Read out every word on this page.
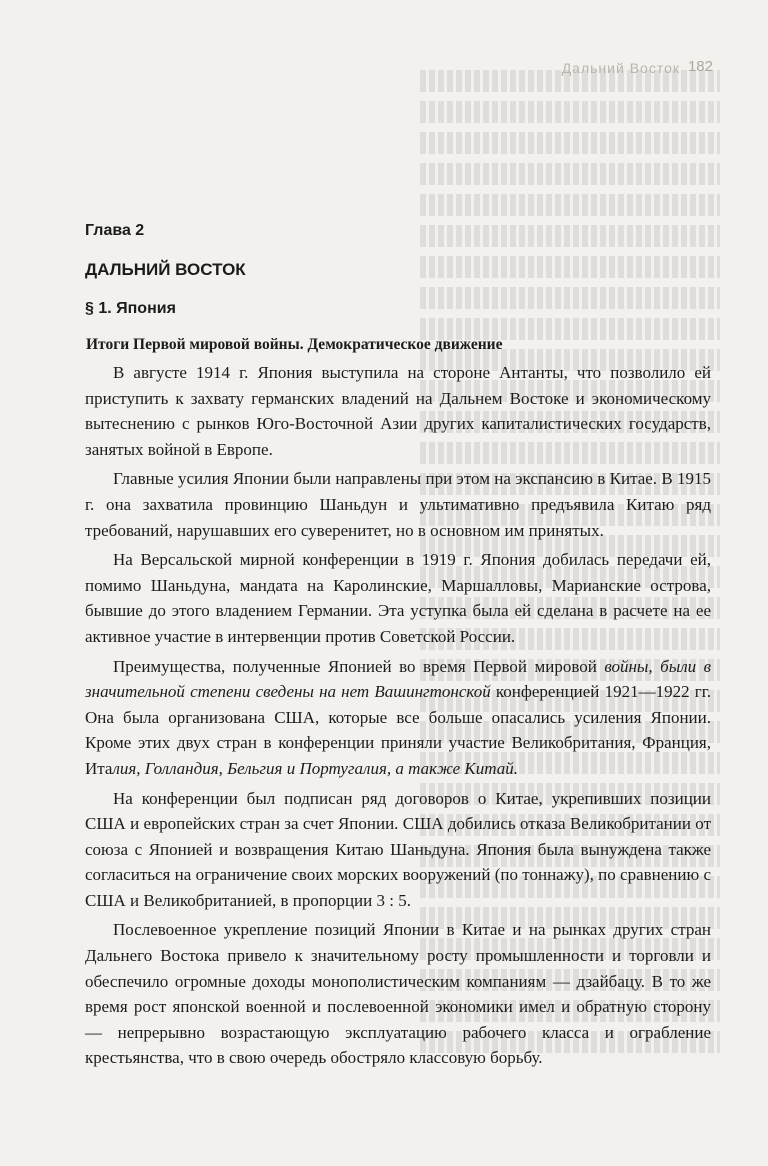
Дальний Восток 182
Глава 2
ДАЛЬНИЙ ВОСТОК
§ 1. Япония
Итоги Первой мировой войны. Демократическое движение

В августе 1914 г. Япония выступила на стороне Антанты, что позволило ей приступить к захвату германских владений на Дальнем Востоке и экономическому вытеснению с рынков Юго-Восточной Азии других капиталистических государств, занятых войной в Европе.

Главные усилия Японии были направлены при этом на экспансию в Китае. В 1915 г. она захватила провинцию Шаньдун и ультимативно предъявила Китаю ряд требований, нарушавших его суверенитет, но в основном им принятых.

На Версальской мирной конференции в 1919 г. Япония добилась передачи ей, помимо Шаньдуна, мандата на Каролинские, Маршалловы, Марианские острова, бывшие до этого владением Германии. Эта уступка была ей сделана в расчете на ее активное участие в интервенции против Советской России.

Преимущества, полученные Японией во время Первой мировой войны, были в значительной степени сведены на нет Вашингтонской конференцией 1921—1922 гг. Она была организована США, которые все больше опасались усиления Японии. Кроме этих двух стран в конференции приняли участие Великобритания, Франция, Италия, Голландия, Бельгия и Португалия, а также Китай.

На конференции был подписан ряд договоров о Китае, укрепивших позиции США и европейских стран за счет Японии. США добились отказа Великобритании от союза с Японией и возвращения Китаю Шаньдуна. Япония была вынуждена также согласиться на ограничение своих морских вооружений (по тоннажу), по сравнению с США и Великобританией, в пропорции 3 : 5.

Послевоенное укрепление позиций Японии в Китае и на рынках других стран Дальнего Востока привело к значительному росту промышленности и торговли и обеспечило огромные доходы монополистическим компаниям — дзайбацу. В то же время рост японской военной и послевоенной экономики имел и обратную сторону — непрерывно возрастающую эксплуатацию рабочего класса и ограбление крестьянства, что в свою очередь обостряло классовую борьбу.
